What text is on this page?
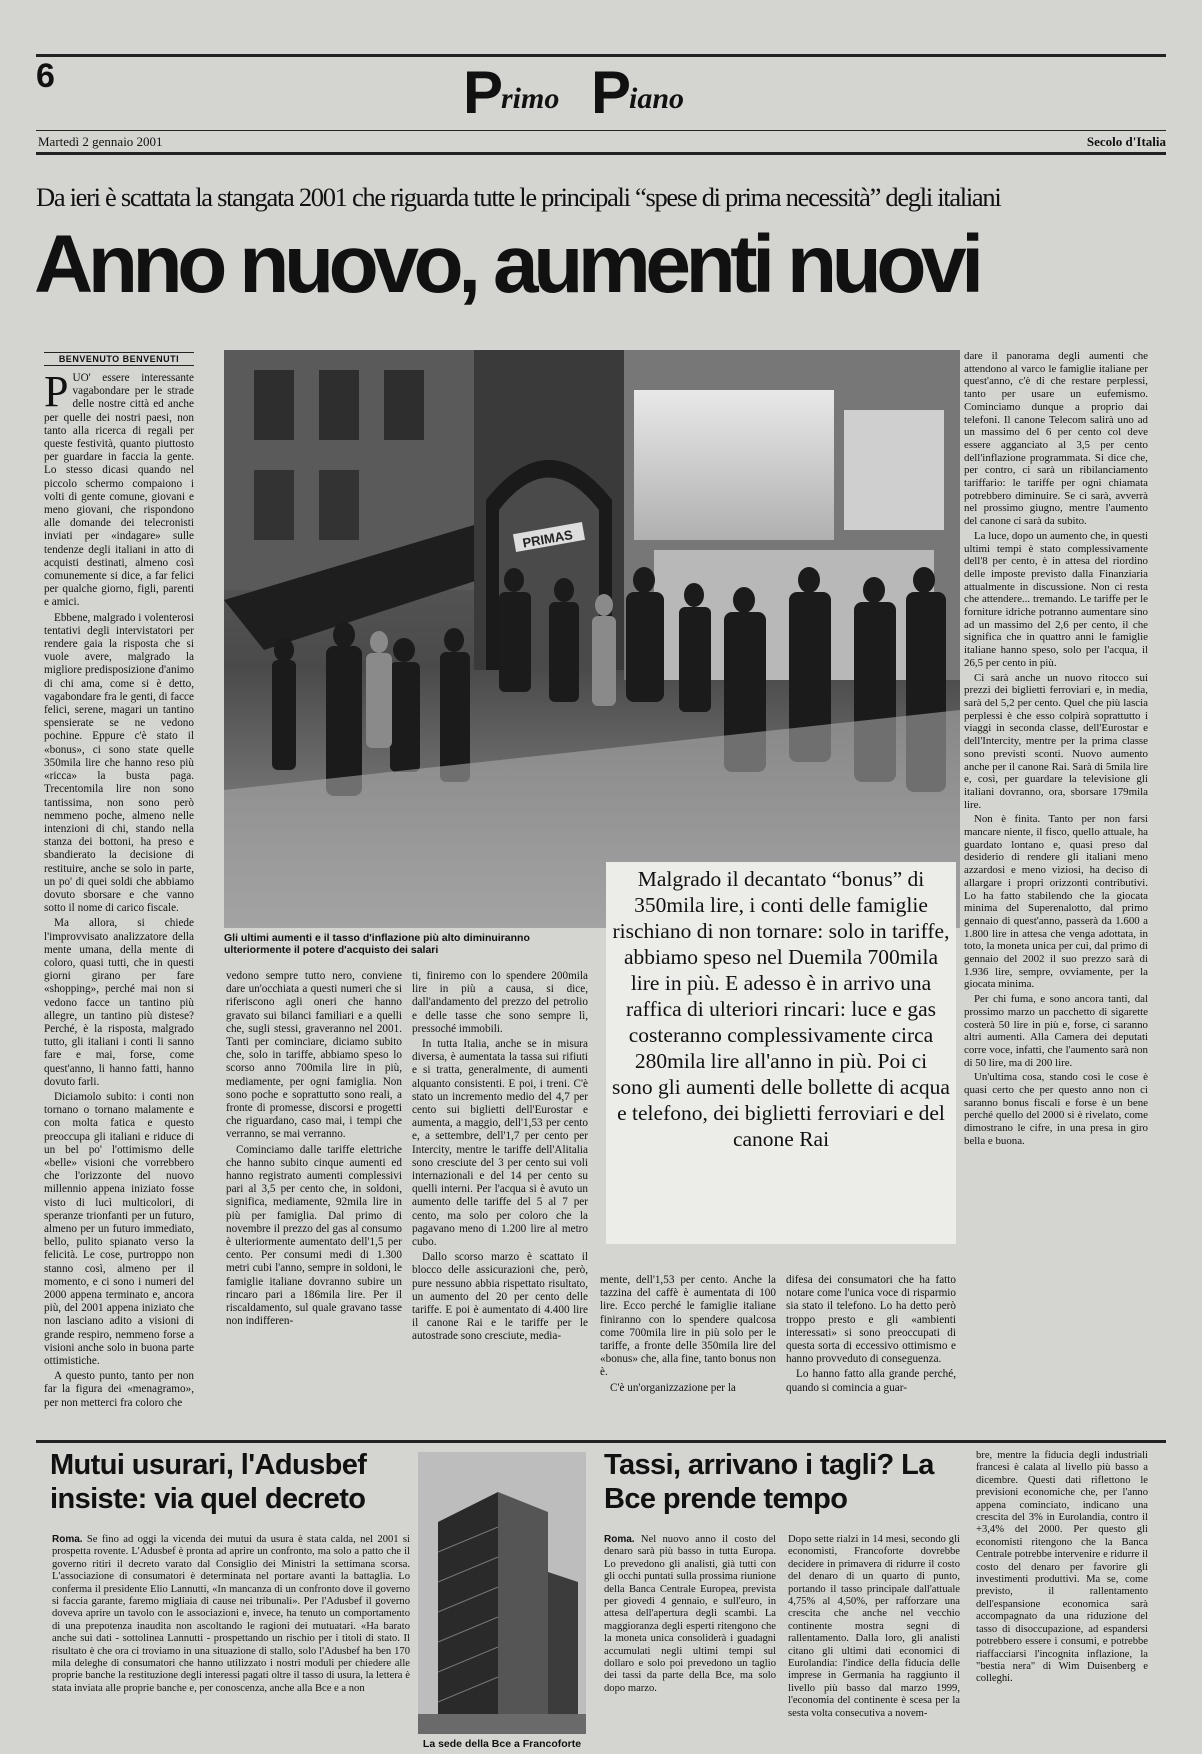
6	P
rimo P
iano
Martedì 2 gennaio 2001	Secolo d'Italia
Da ieri è scattata la stangata 2001 che riguarda tutte le principali “spese di prima necessità” degli italiani
Anno nuovo, aumenti nuovi
BENVENUTO BENVENUTI

PUO' essere interessante vagabondare per le strade delle nostre città ed anche per quelle dei nostri paesi, non tanto alla ricerca di regali per queste festività, quanto piuttosto per guardare in faccia la gente. Lo stesso dicasi quando nel piccolo schermo compaiono i volti di gente comune, giovani e meno giovani, che rispondono alle domande dei telecronisti inviati per «indagare» sulle tendenze degli italiani in atto di acquisti destinati, almeno così comunemente si dice, a far felici per qualche giorno, figli, parenti e amici.

Ebbene, malgrado i volenterosi tentativi degli intervistatori per rendere gaia la risposta che si vuole avere, malgrado la migliore predisposizione d'animo di chi ama, come si è detto, vagabondare fra le genti, di facce felici, serene, magari un tantino spensierate se ne vedono pochine. Eppure c'è stato il «bonus», ci sono state quelle 350mila lire che hanno reso più «ricca» la busta paga. Trecentomila lire non sono tantissima, non sono però nemmeno poche, almeno nelle intenzioni di chi, stando nella stanza dei bottoni, ha preso e sbandierato la decisione di restituire, anche se solo in parte, un po' di quei soldi che abbiamo dovuto sborsare e che vanno sotto il nome di carico fiscale.

Ma allora, si chiede l'improvvisato analizzatore della mente umana, della mente di coloro, quasi tutti, che in questi giorni girano per fare «shopping», perché mai non si vedono facce un tantino più allegre, un tantino più distese? Perché, è la risposta, malgrado tutto, gli italiani i conti li sanno fare e mai, forse, come quest'anno, li hanno fatti, hanno dovuto farli.

Diciamolo subito: i conti non tornano o tornano malamente e con molta fatica e questo preoccupa gli italiani e riduce di un bel po' l'ottimismo delle «belle» visioni che vorrebbero che l'orizzonte del nuovo millennio appena iniziato fosse visto di lucì multicolori, di speranze trionfanti per un futuro, almeno per un futuro immediato, bello, pulito spianato verso la felicità. Le cose, purtroppo non stanno così, almeno per il momento, e ci sono i numeri del 2000 appena terminato e, ancora più, del 2001 appena iniziato che non lasciano adito a visioni di grande respiro, nemmeno forse a visioni anche solo in buona parte ottimistiche.

A questo punto, tanto per non far la figura dei «menagramo», per non metterci fra coloro che

PRIMAS
Gli ultimi aumenti e il tasso d'inflazione più alto diminuiranno ulteriormente il potere d'acquisto dei salari
Malgrado il decantato “bonus” di 350mila lire, i conti delle famiglie rischiano di non tornare: solo in tariffe, abbiamo speso nel Duemila 700mila lire in più. E adesso è in arrivo una raffica di ulteriori rincari: luce e gas costeranno complessivamente circa 280mila lire all'anno in più. Poi ci sono gli aumenti delle bollette di acqua e telefono, dei biglietti ferroviari e del canone Rai

vedono sempre tutto nero, conviene dare un'occhiata a questi numeri che si riferiscono agli oneri che hanno gravato sui bilanci familiari e a quelli che, sugli stessi, graveranno nel 2001. Tanti per cominciare, diciamo subito che, solo in tariffe, abbiamo speso lo scorso anno 700mila lire in più, mediamente, per ogni famiglia. Non sono poche e soprattutto sono reali, a fronte di promesse, discorsi e progetti che riguardano, caso mai, i tempi che verranno, se mai verranno.

Cominciamo dalle tariffe elettriche che hanno subito cinque aumenti ed hanno registrato aumenti complessivi pari al 3,5 per cento che, in soldoni, significa, mediamente, 92mila lire in più per famiglia. Dal primo di novembre il prezzo del gas al consumo è ulteriormente aumentato dell'1,5 per cento. Per consumi medi di 1.300 metri cubi l'anno, sempre in soldoni, le famiglie italiane dovranno subire un rincaro pari a 186mila lire. Per il riscaldamento, sul quale gravano tasse non indifferen-

ti, finiremo con lo spendere 200mila lire in più a causa, si dice, dall'andamento del prezzo del petrolio e delle tasse che sono sempre lì, pressoché immobili.

In tutta Italia, anche se in misura diversa, è aumentata la tassa sui rifiuti e si tratta, generalmente, di aumenti alquanto consistenti. E poi, i treni. C'è stato un incremento medio del 4,7 per cento sui biglietti dell'Eurostar e aumenta, a maggio, dell'1,53 per cento e, a settembre, dell'1,7 per cento per Intercity, mentre le tariffe dell'Alitalia sono cresciute del 3 per cento sui voli internazionali e del 14 per cento su quelli interni. Per l'acqua si è avuto un aumento delle tariffe del 5 al 7 per cento, ma solo per coloro che la pagavano meno di 1.200 lire al metro cubo.

Dallo scorso marzo è scattato il blocco delle assicurazioni che, però, pure nessuno abbia rispettato risultato, un aumento del 20 per cento delle tariffe. E poi è aumentato di 4.400 lire il canone Rai e le tariffe per le autostrade sono cresciute, media-

mente, dell'1,53 per cento. Anche la tazzina del caffè è aumentata di 100 lire. Ecco perché le famiglie italiane finiranno con lo spendere qualcosa come 700mila lire in più solo per le tariffe, a fronte delle 350mila lire del «bonus» che, alla fine, tanto bonus non è.

C'è un'organizzazione per la

difesa dei consumatori che ha fatto notare come l'unica voce di risparmio sia stato il telefono. Lo ha detto però troppo presto e gli «ambienti interessati» si sono preoccupati di questa sorta di eccessivo ottimismo e hanno provveduto di conseguenza.

Lo hanno fatto alla grande perché, quando si comincia a guar-

dare il panorama degli aumenti che attendono al varco le famiglie italiane per quest'anno, c'è di che restare perplessi, tanto per usare un eufemismo. Cominciamo dunque a proprio dai telefoni. Il canone Telecom salirà uno ad un massimo del 6 per cento col deve essere agganciato al 3,5 per cento dell'inflazione programmata. Si dice che, per contro, ci sarà un ribilanciamento tariffario: le tariffe per ogni chiamata potrebbero diminuire. Se ci sarà, avverrà nel prossimo giugno, mentre l'aumento del canone ci sarà da subito.

La luce, dopo un aumento che, in questi ultimi tempi è stato complessivamente dell'8 per cento, è in attesa del riordino delle imposte previsto dalla Finanziaria attualmente in discussione. Non ci resta che attendere... tremando. Le tariffe per le forniture idriche potranno aumentare sino ad un massimo del 2,6 per cento, il che significa che in quattro anni le famiglie italiane hanno speso, solo per l'acqua, il 26,5 per cento in più.

Ci sarà anche un nuovo ritocco sui prezzi dei biglietti ferroviari e, in media, sarà del 5,2 per cento. Quel che più lascia perplessi è che esso colpirà soprattutto i viaggi in seconda classe, dell'Eurostar e dell'Intercity, mentre per la prima classe sono previsti sconti. Nuovo aumento anche per il canone Rai. Sarà di 5mila lire e, così, per guardare la televisione gli italiani dovranno, ora, sborsare 179mila lire.

Non è finita. Tanto per non farsi mancare niente, il fisco, quello attuale, ha guardato lontano e, quasi preso dal desiderio di rendere gli italiani meno azzardosi e meno viziosi, ha deciso di allargare i propri orizzonti contributivi. Lo ha fatto stabilendo che la giocata minima del Superenalotto, dal primo gennaio di quest'anno, passerà da 1.600 a 1.800 lire in attesa che venga adottata, in toto, la moneta unica per cui, dal primo di gennaio del 2002 il suo prezzo sarà di 1.936 lire, sempre, ovviamente, per la giocata minima.

Per chi fuma, e sono ancora tanti, dal prossimo marzo un pacchetto di sigarette costerà 50 lire in più e, forse, ci saranno altri aumenti. Alla Camera dei deputati corre voce, infatti, che l'aumento sarà non di 50 lire, ma di 200 lire.

Un'ultima cosa, stando così le cose è quasi certo che per questo anno non ci saranno bonus fiscali e forse è un bene perché quello del 2000 si è rivelato, come dimostrano le cifre, in una presa in giro bella e buona.

Mutui usurari, l'Adusbef insiste: via quel decreto

Roma. Se fino ad oggi la vicenda dei mutui da usura è stata calda, nel 2001 si prospetta rovente. L'Adusbef è pronta ad aprire un confronto, ma solo a patto che il governo ritiri il decreto varato dal Consiglio dei Ministri la settimana scorsa. L'associazione di consumatori è determinata nel portare avanti la battaglia. Lo conferma il presidente Elio Lannutti, «In mancanza di un confronto dove il governo si faccia garante, faremo migliaia di cause nei tribunali». Per l'Adusbef il governo doveva aprire un tavolo con le associazioni e, invece, ha tenuto un comportamento di una prepotenza inaudita non ascoltando le ragioni dei mutuatari. «Ha barato anche sui dati - sottolinea Lannutti - prospettando un rischio per i titoli di stato. Il risultato è che ora ci troviamo in una situazione di stallo, solo l'Adusbef ha ben 170 mila deleghe di consumatori che hanno utilizzato i nostri moduli per chiedere alle proprie banche la restituzione degli interessi pagati oltre il tasso di usura, la lettera è stata inviata alle proprie banche e, per conoscenza, anche alla Bce e a non

La sede della Bce a Francoforte
Tassi, arrivano i tagli? La Bce prende tempo

Roma. Nel nuovo anno il costo del denaro sarà più basso in tutta Europa. Lo prevedono gli analisti, già tutti con gli occhi puntati sulla prossima riunione della Banca Centrale Europea, prevista per giovedì 4 gennaio, e sull'euro, in attesa dell'apertura degli scambi. La maggioranza degli esperti ritengono che la moneta unica consoliderà i guadagni accumulati negli ultimi tempi sul dollaro e solo poi prevedono un taglio dei tassi da parte della Bce, ma solo dopo marzo.

Dopo sette rialzi in 14 mesi, secondo gli economisti, Francoforte dovrebbe decidere in primavera di ridurre il costo del denaro di un quarto di punto, portando il tasso principale dall'attuale 4,75% al 4,50%, per rafforzare una crescita che anche nel vecchio continente mostra segni di rallentamento. Dalla loro, gli analisti citano gli ultimi dati economici di Eurolandia: l'indice della fiducia delle imprese in Germania ha raggiunto il livello più basso dal marzo 1999, l'economia del continente è scesa per la sesta volta consecutiva a novem-

bre, mentre la fiducia degli industriali francesi è calata al livello più basso a dicembre. Questi dati riflettono le previsioni economiche che, per l'anno appena cominciato, indicano una crescita del 3% in Eurolandia, contro il +3,4% del 2000. Per questo gli economisti ritengono che la Banca Centrale potrebbe intervenire e ridurre il costo del denaro per favorire gli investimenti produttivi. Ma se, come previsto, il rallentamento dell'espansione economica sarà accompagnato da una riduzione del tasso di disoccupazione, ad espandersi potrebbero essere i consumi, e potrebbe riaffacciarsi l'incognita inflazione, la "bestia nera" di Wim Duisenberg e colleghi.
